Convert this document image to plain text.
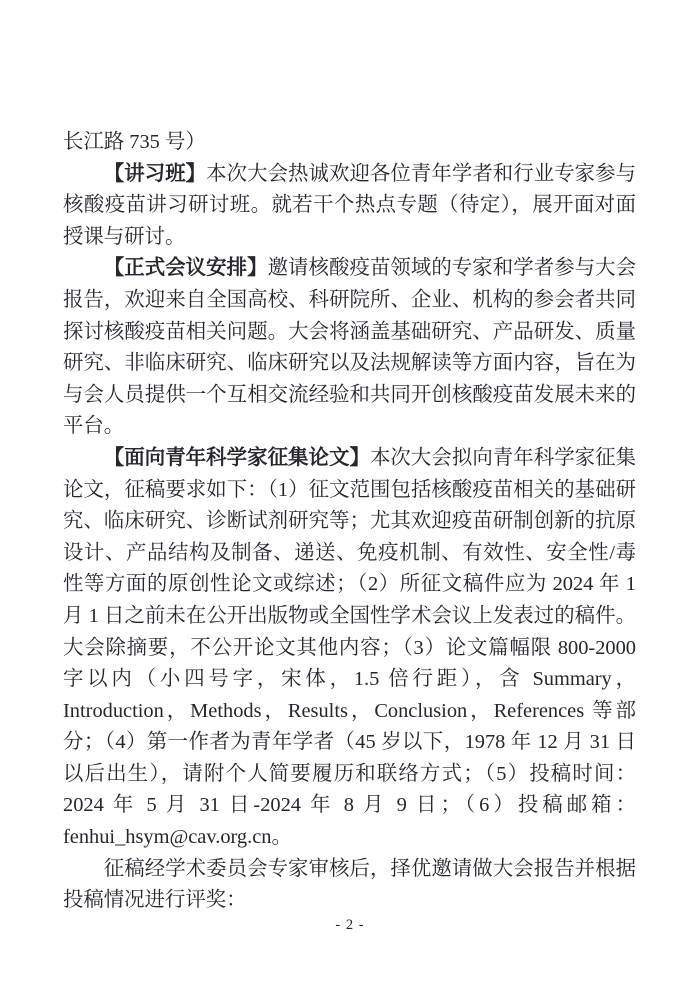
长江路 735 号）

【讲习班】本次大会热诚欢迎各位青年学者和行业专家参与核酸疫苗讲习研讨班。就若干个热点专题（待定），展开面对面授课与研讨。

【正式会议安排】邀请核酸疫苗领域的专家和学者参与大会报告，欢迎来自全国高校、科研院所、企业、机构的参会者共同探讨核酸疫苗相关问题。大会将涵盖基础研究、产品研发、质量研究、非临床研究、临床研究以及法规解读等方面内容，旨在为与会人员提供一个互相交流经验和共同开创核酸疫苗发展未来的平台。

【面向青年科学家征集论文】本次大会拟向青年科学家征集论文，征稿要求如下：（1）征文范围包括核酸疫苗相关的基础研究、临床研究、诊断试剂研究等；尤其欢迎疫苗研制创新的抗原设计、产品结构及制备、递送、免疫机制、有效性、安全性/毒性等方面的原创性论文或综述；（2）所征文稿件应为 2024 年 1 月 1 日之前未在公开出版物或全国性学术会议上发表过的稿件。大会除摘要，不公开论文其他内容；（3）论文篇幅限 800-2000 字以内（小四号字，宋体，1.5 倍行距），含 Summary，Introduction，Methods，Results，Conclusion，References 等部分；（4）第一作者为青年学者（45 岁以下，1978 年 12 月 31 日以后出生），请附个人简要履历和联络方式；（5）投稿时间：2024 年 5 月 31 日-2024 年 8 月 9 日；（6）投稿邮箱：fenhui_hsym@cav.org.cn。

征稿经学术委员会专家审核后，择优邀请做大会报告并根据投稿情况进行评奖：

- 2 -
